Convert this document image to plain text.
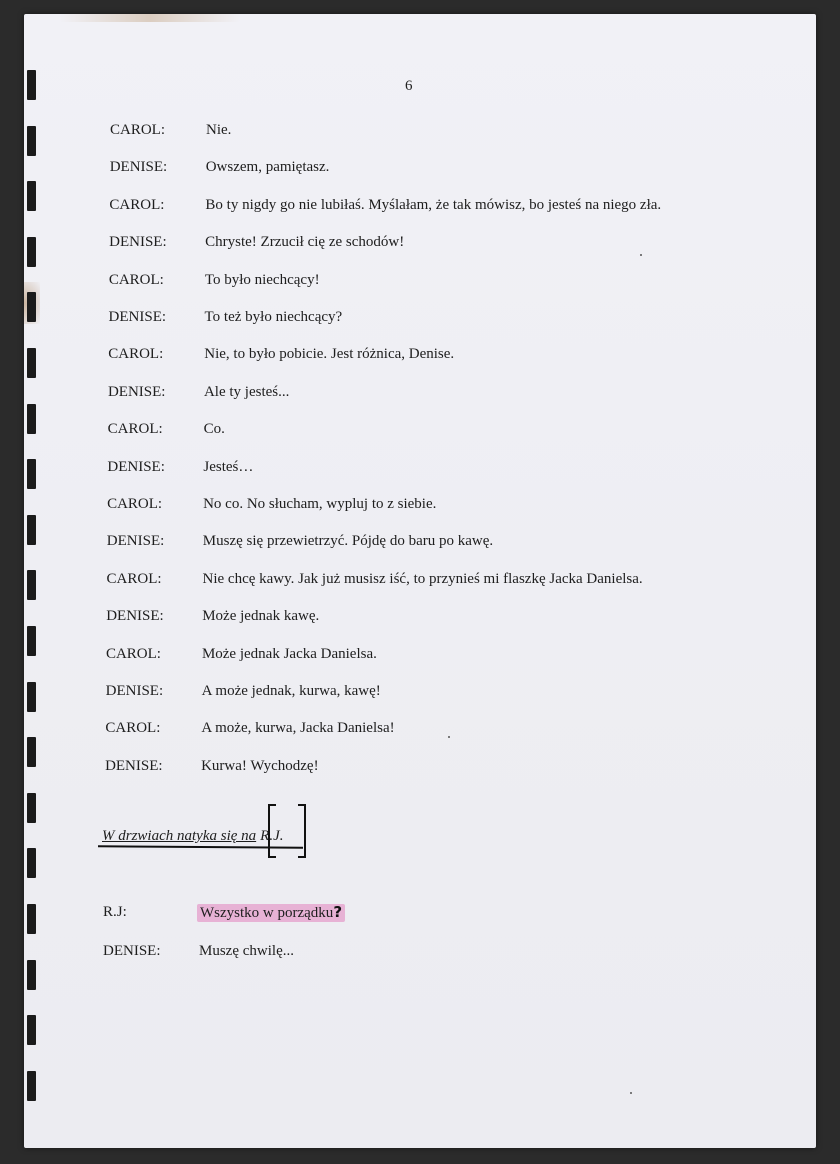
6
CAROL:	Nie.
DENISE:	Owszem, pamiętasz.
CAROL:	Bo ty nigdy go nie lubiłaś. Myślałam, że tak mówisz, bo jesteś na niego zła.
DENISE:	Chryste! Zrzucił cię ze schodów!
CAROL:	To było niechcący!
DENISE:	To też było niechcący?
CAROL:	Nie, to było pobicie. Jest różnica, Denise.
DENISE:	Ale ty jesteś...
CAROL:	Co.
DENISE:	Jesteś…
CAROL:	No co. No słucham, wypluj to z siebie.
DENISE:	Muszę się przewietrzyć. Pójdę do baru po kawę.
CAROL:	Nie chcę kawy. Jak już musisz iść, to przynieś mi flaszkę Jacka Danielsa.
DENISE:	Może jednak kawę.
CAROL:	Może jednak Jacka Danielsa.
DENISE:	A może jednak, kurwa, kawę!
CAROL:	A może, kurwa, Jacka Danielsa!
DENISE:	Kurwa! Wychodzę!
W drzwiach natyka się na R.J.
R.J:	Wszystko w porządku?
DENISE:	Muszę chwilę...
